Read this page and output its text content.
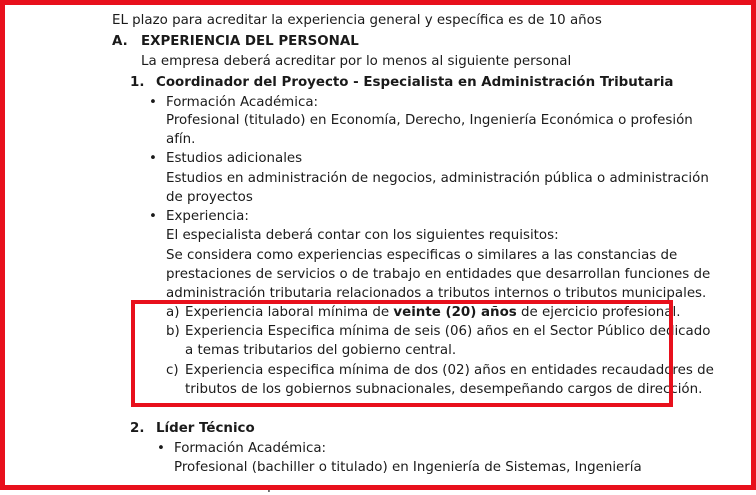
EL plazo para acreditar la experiencia general y específica es de 10 años
A. EXPERIENCIA DEL PERSONAL
La empresa deberá acreditar por lo menos al siguiente personal
1. Coordinador del Proyecto - Especialista en Administración Tributaria
• Formación Académica:
Profesional (titulado) en Economía, Derecho, Ingeniería Económica o profesión
afín.
• Estudios adicionales
Estudios en administración de negocios, administración pública o administración
de proyectos
• Experiencia:
El especialista deberá contar con los siguientes requisitos:
Se considera como experiencias especificas o similares a las constancias de
prestaciones de servicios o de trabajo en entidades que desarrollan funciones de
administración tributaria relacionados a tributos internos o tributos municipales.
a) Experiencia laboral mínima de veinte (20) años de ejercicio profesional.
b) Experiencia Especifica mínima de seis (06) años en el Sector Público dedicado
a temas tributarios del gobierno central.
c) Experiencia especifica mínima de dos (02) años en entidades recaudadores de
tributos de los gobiernos subnacionales, desempeñando cargos de dirección.
2. Líder Técnico
• Formación Académica:
Profesional (bachiller o titulado) en Ingeniería de Sistemas, Ingeniería
